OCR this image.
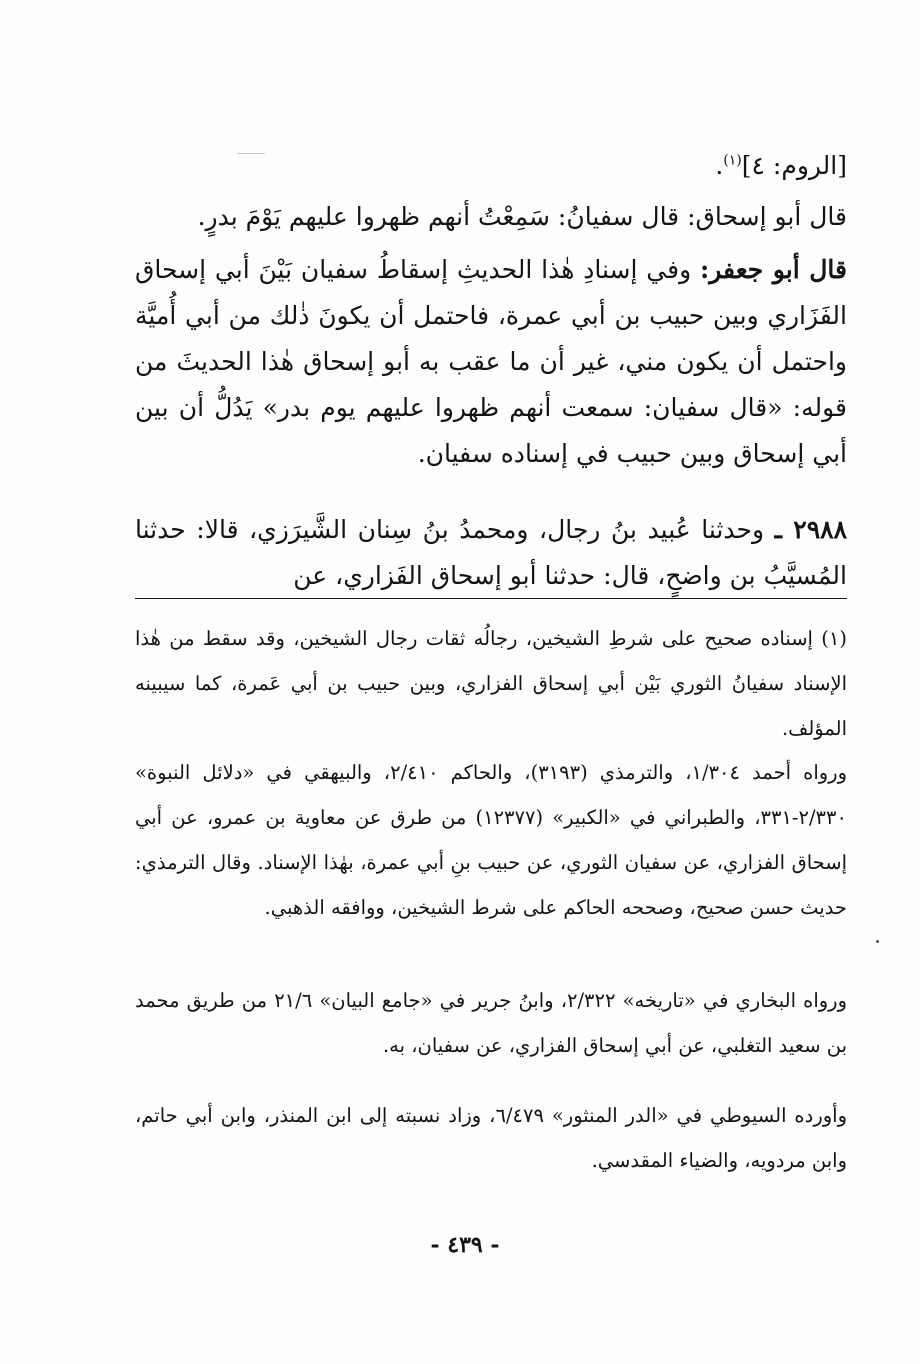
[الروم: ٤]$^{(١)}$.
قال أبو إسحاق: قال سفيانُ: سَمِعْتُ أنهم ظهروا عليهم يَوْمَ بدرٍ.
قال أبو جعفر: وفي إسنادِ هٰذا الحديثِ إسقاطُ سفيان بَيْنَ أبي إسحاق الفَزَاري وبين حبيب بن أبي عمرة، فاحتمل أن يكونَ ذٰلك من أبي أُميَّة واحتمل أن يكون مني، غير أن ما عقب به أبو إسحاق هٰذا الحديثَ من قوله: «قال سفيان: سمعت أنهم ظهروا عليهم يوم بدر» يَدُلُّ أن بين أبي إسحاق وبين حبيب في إسناده سفيان.
٢٩٨٨ ـ وحدثنا عُبيد بنُ رجال، ومحمدُ بنُ سِنان الشَّيرَزي، قالا: حدثنا المُسيَّبُ بن واضحٍ، قال: حدثنا أبو إسحاق الفَزاري، عن
(١) إسناده صحيح على شرطِ الشيخين، رجالُه ثقات رجال الشيخين، وقد سقط من هٰذا الإسناد سفيانُ الثوري بَيْن أبي إسحاق الفزاري، وبين حبيب بن أبي عَمرة، كما سيبينه المؤلف.
ورواه أحمد ١/٣٠٤، والترمذي (٣١٩٣)، والحاكم ٢/٤١٠، والبيهقي في «دلائل النبوة» ٢/٣٣٠-٣٣١، والطبراني في «الكبير» (١٢٣٧٧) من طرق عن معاوية بن عمرو، عن أبي إسحاق الفزاري، عن سفيان الثوري، عن حبيب بنِ أبي عمرة، بهٰذا الإسناد. وقال الترمذي: حديث حسن صحيح، وصححه الحاكم على شرط الشيخين، ووافقه الذهبي.
ورواه البخاري في «تاريخه» ٢/٣٢٢، وابنُ جرير في «جامع البيان» ٢١/٦ من طريق محمد بن سعيد التغلبي، عن أبي إسحاق الفزاري، عن سفيان، به.
وأورده السيوطي في «الدر المنثور» ٦/٤٧٩، وزاد نسبته إلى ابن المنذر، وابن أبي حاتم، وابن مردويه، والضياء المقدسي.
- ٤٣٩ -
